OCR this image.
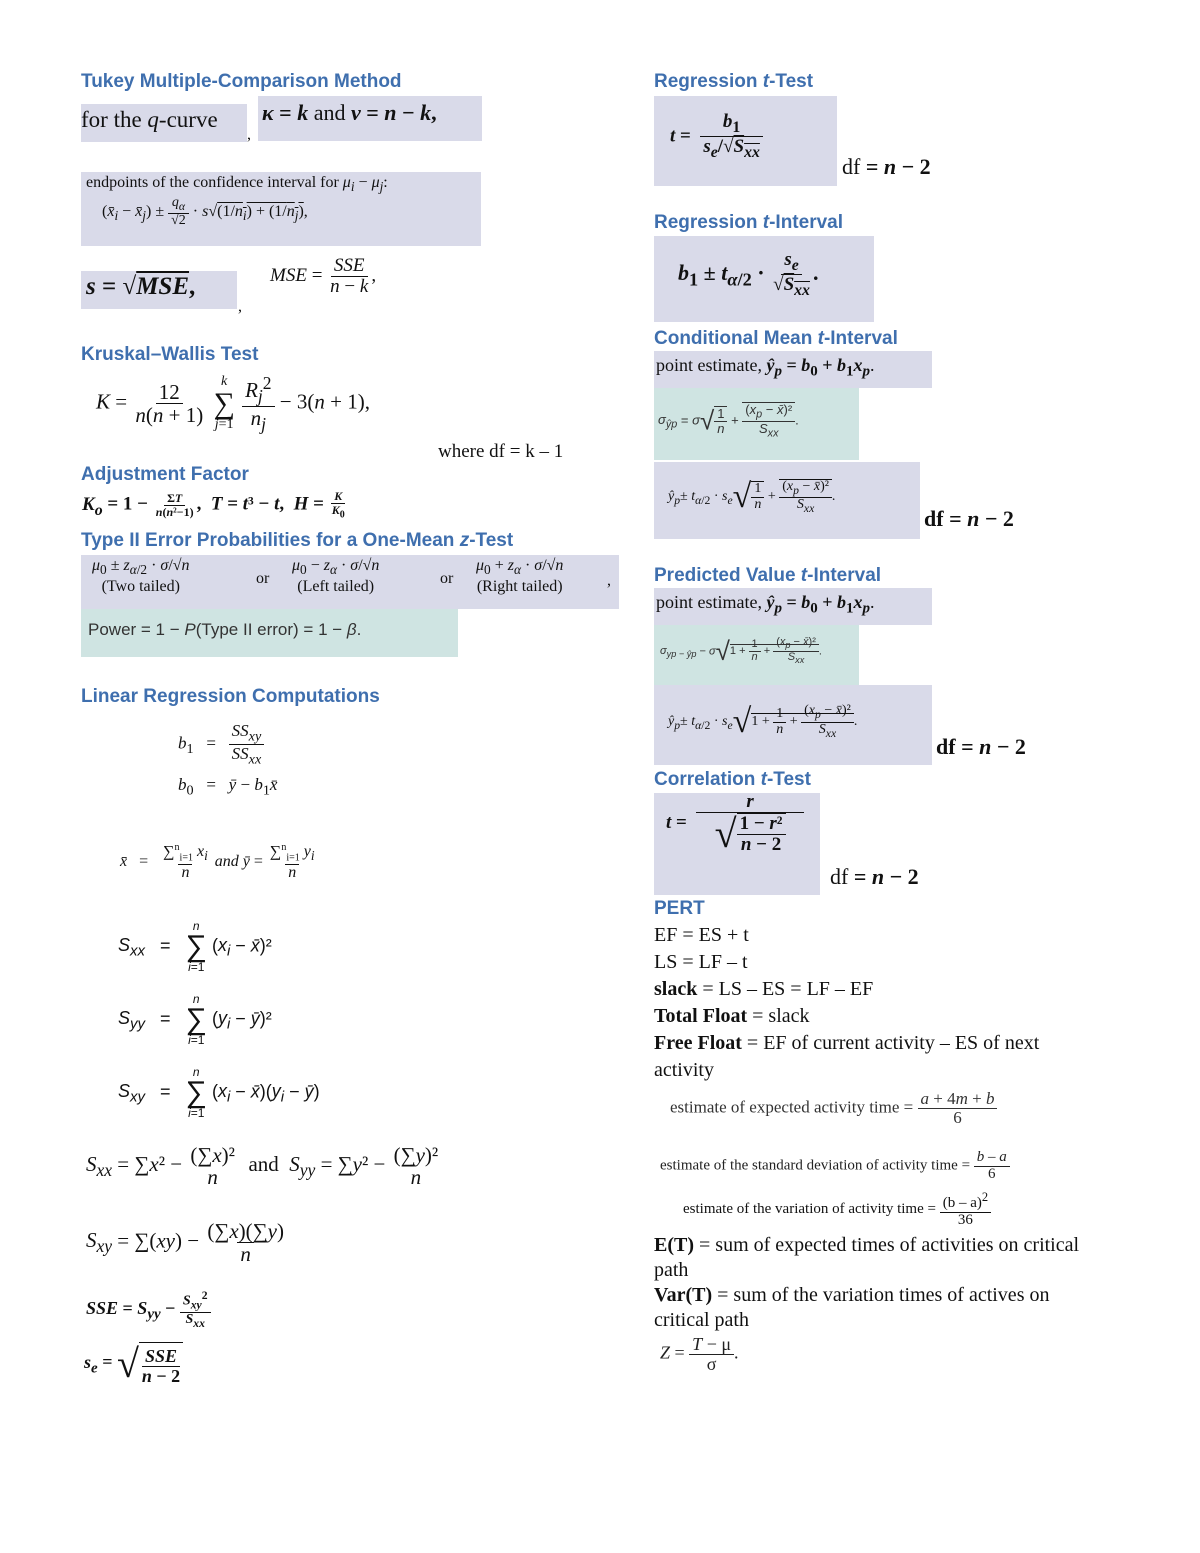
Tukey Multiple-Comparison Method
for the q-curve
,
κ = k and ν = n − k,
endpoints of the confidence interval for $\mu_i - \mu_j$:
($x̄_i$ − $x̄_j) \pm \frac{q_\alpha}{√2} \cdot s√(1/n_i) + (1/n_j)$,
s = √MSE,
,
MSE = $\frac{\text{SSE}}{n - k}$ ,
Kruskal–Wallis Test
$K = \frac{12}{n(n + 1)}$
k
∑
j=1
$\frac{R_j^2}{n_j} - 3(n + 1)$,
where df = k – 1
Adjustment Factor
$K_o = 1 - \frac{\Sigma T}{\text{n(n²−1)}}$ ,  T = t³ − t,  $H = \frac{K}{K_0}$
Type II Error Probabilities for a One-Mean z-Test
$\mu_0 \pm z_{\alpha/2} \cdot \sigma/√n$
(Two tailed)	or
$\mu_0 - z_\alpha \cdot \sigma/√n$
(Left tailed)	or
$\mu_0 + z_\alpha \cdot \sigma/√n$
(Right tailed)	,
Power = 1 − P(Type II error) = 1 − β.
Linear Regression Computations
$b_1 = \frac{SS_{xy}}{SS_{xx}}$
$b_0$   =   ȳ − $b_1x̄$
x̄   = $\frac{\sum^n_{i=1} x_i}{n}$ and ȳ = $\frac{\sum^n_{i=1} y_i}{n}$
$S_{xx}$   =
n
∑
i=1
($x_i$ − x̄)²
$S_{yy}$   =
n
∑
i=1
($y_i$ − ȳ)²
$S_{xy}$   =
n
∑
i=1
($x_i$ − $x̄)(y_i$ − ȳ)
$S_{xx} = \sum x^2 - (\sum x)^2$
n
and  $S_{yy} = \sum y^2 - (\sum y)^2$
n
$S_{xy} = \sum(xy) - \frac{(\sum x)(\sum y)}{n}$
SSE = $S_{yy} - \frac{S_{xy}^2}{S_{xx}}$
$s_e$ = √ $\frac{\text{SSE}}{n - 2}$
Regression t-Test
$t = \frac{b_1}{s_e/√S_{xx}}$
df = n − 2
Regression t-Interval
$b_1 \pm t_{\alpha/2} \cdot \frac{s_e}{√S_{xx}}$ .
Conditional Mean t-Interval
point estimate, $ŷ_p = b_0 + b_1x_p$.
$\sigma_{ŷp} = \sigma√ \frac{1}{n} + \frac{(x_p - x̄)^2}{S_{xx}}$ .
$ŷ_p\pm t_{\alpha/2} \cdot s_e√ \frac{1}{n} + \frac{(x_p - x̄)^2}{S_{xx}}$ .
df = n − 2
Predicted Value t-Interval
point estimate, $ŷ_p = b_0 + b_1x_p$.
$\sigma_{yp - ŷp} - \sigma√1 + \frac{1}{n} + \frac{(x_p - x̄)^2}{S_{xx}}$ .
$ŷ_p\pm t_{\alpha/2} \cdot s_e√1 + \frac{1}{n} + \frac{(x_p - x̄)^2}{S_{xx}}$ .
df = n − 2
Correlation t-Test
$t = \frac{r}{√ \frac{\text{1 − r²}}{n - 2}}$
df = n − 2
PERT
EF = ES + t
LS = LF – t
slack = LS – ES = LF – EF
Total Float = slack
Free Float = EF of current activity – ES of next activity
estimate of expected activity time = $\frac{a + 4m + b}{6}$
estimate of the standard deviation of activity time = $\frac{b - a}{6}$
estimate of the variation of activity time = $\frac{(b - a)^2}{36}$
E(T) = sum of expected times of activities on critical path
Var(T) = sum of the variation times of actives on critical path
$Z = \frac{T - \mu}{\sigma}$ .
